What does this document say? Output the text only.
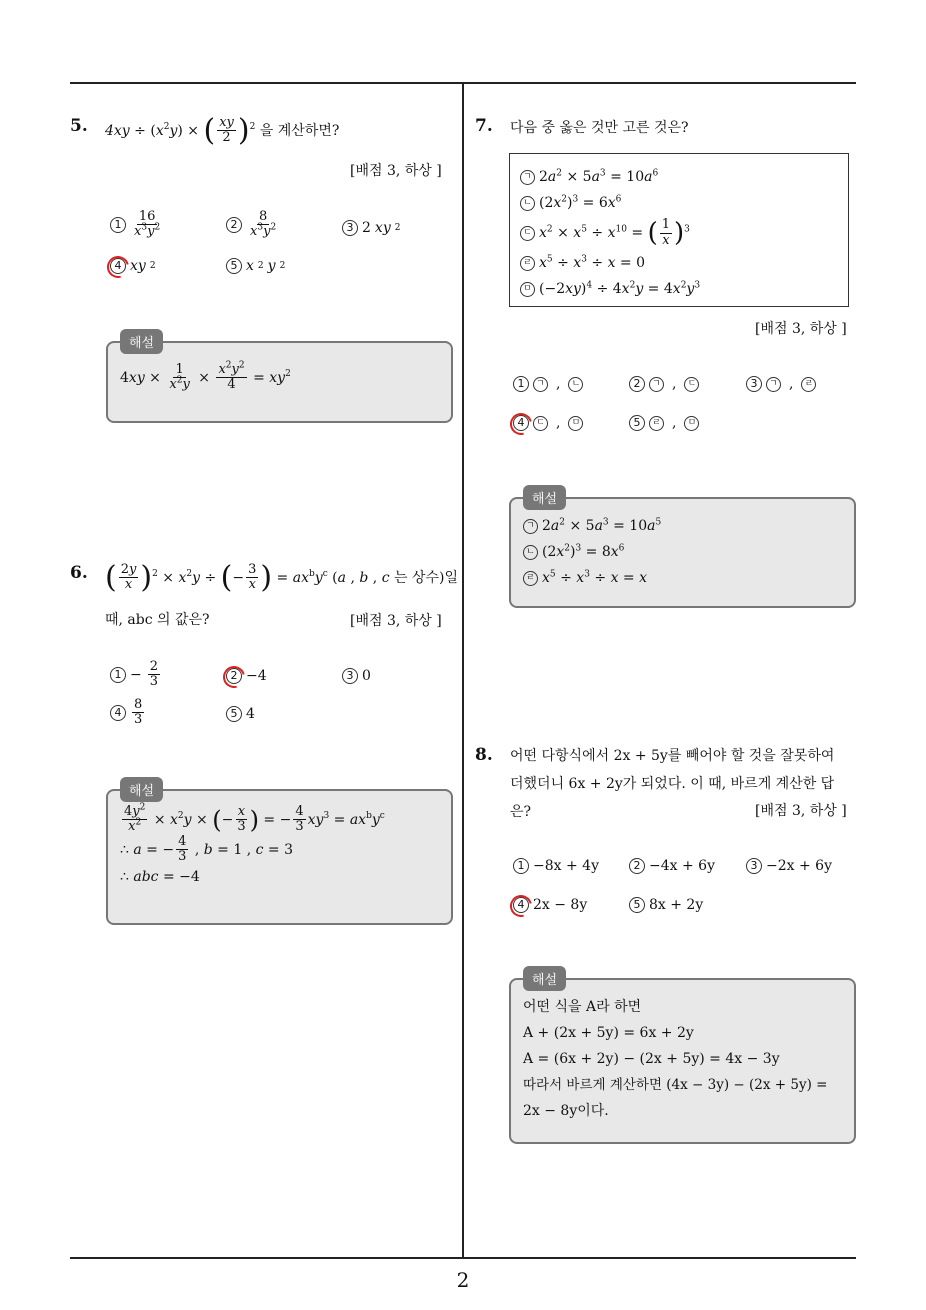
5. $4xy \div (x^2y)$ × ( $\frac{xy}{2} )^2$ 을 계산하면?
[배점 3, 하상 ]
$1 \frac{16}{x^3y^2}$	$2 \frac{8}{x^3y^2}$	3 2 xy 2
4 xy 2	5 x 2 y 2
해설
$4xy \times \frac{1}{x^2y} \times \frac{x^2y^2}{4} = xy^2$
6. ( $\frac{2y}{x} )^2 \times x^2y$ ÷ (− $\frac{3}{x}$ ) = $ax^by^c$ (a , b , c 는 상수)일
때, abc 의 값은?	[배점 3, 하상 ]
$1 - \frac{2}{3}$	2 −4	3 0
$4 \frac{8}{3}$	5 4
해설
$\frac{4y^2}{x^2} \times x^2y$ × (− $\frac{x}{3}$ ) = − $\frac{4}{3} xy^3 = ax^by^c$
∴ a = − $\frac{4}{3}$ , b = 1 , c = 3
∴ abc = −4
7. 다음 중 옳은 것만 고른 것은?
ㄱ $2a^2 \times 5a^3 = 10a^6$
ㄴ $(2x^2)^3 = 6x^6$
ㄷ $x^2 \times x^5 \div x^{10}$ = ( $\frac{1}{x} )^3$
ㄹ $x^5 \div x^3 \div x = 0$
ㅁ $(-2xy)^4 \div 4x^2y = 4x^2y^3$
[배점 3, 하상 ]
1	ㄱ ,	ㄴ	2	ㄱ ,	ㄷ	3	ㄱ ,	ㄹ
4	ㄷ ,	ㅁ	5	ㄹ ,	ㅁ
해설
ㄱ $2a^2 \times 5a^3 = 10a^5$
ㄴ $(2x^2)^3 = 8x^6$
ㄹ $x^5 \div x^3 \div x = x$
8. 어떤 다항식에서 2x + 5y를 빼어야 할 것을 잘못하여
더했더니 6x + 2y가 되었다. 이 때, 바르게 계산한 답
은?	[배점 3, 하상 ]
1 −8x + 4y	2 −4x + 6y	3 −2x + 6y
4 2x − 8y	5 8x + 2y
해설
어떤 식을 A라 하면
A + (2x + 5y) = 6x + 2y
A = (6x + 2y) − (2x + 5y) = 4x − 3y
따라서 바르게 계산하면 (4x − 3y) − (2x + 5y) =
2x − 8y이다.
2
